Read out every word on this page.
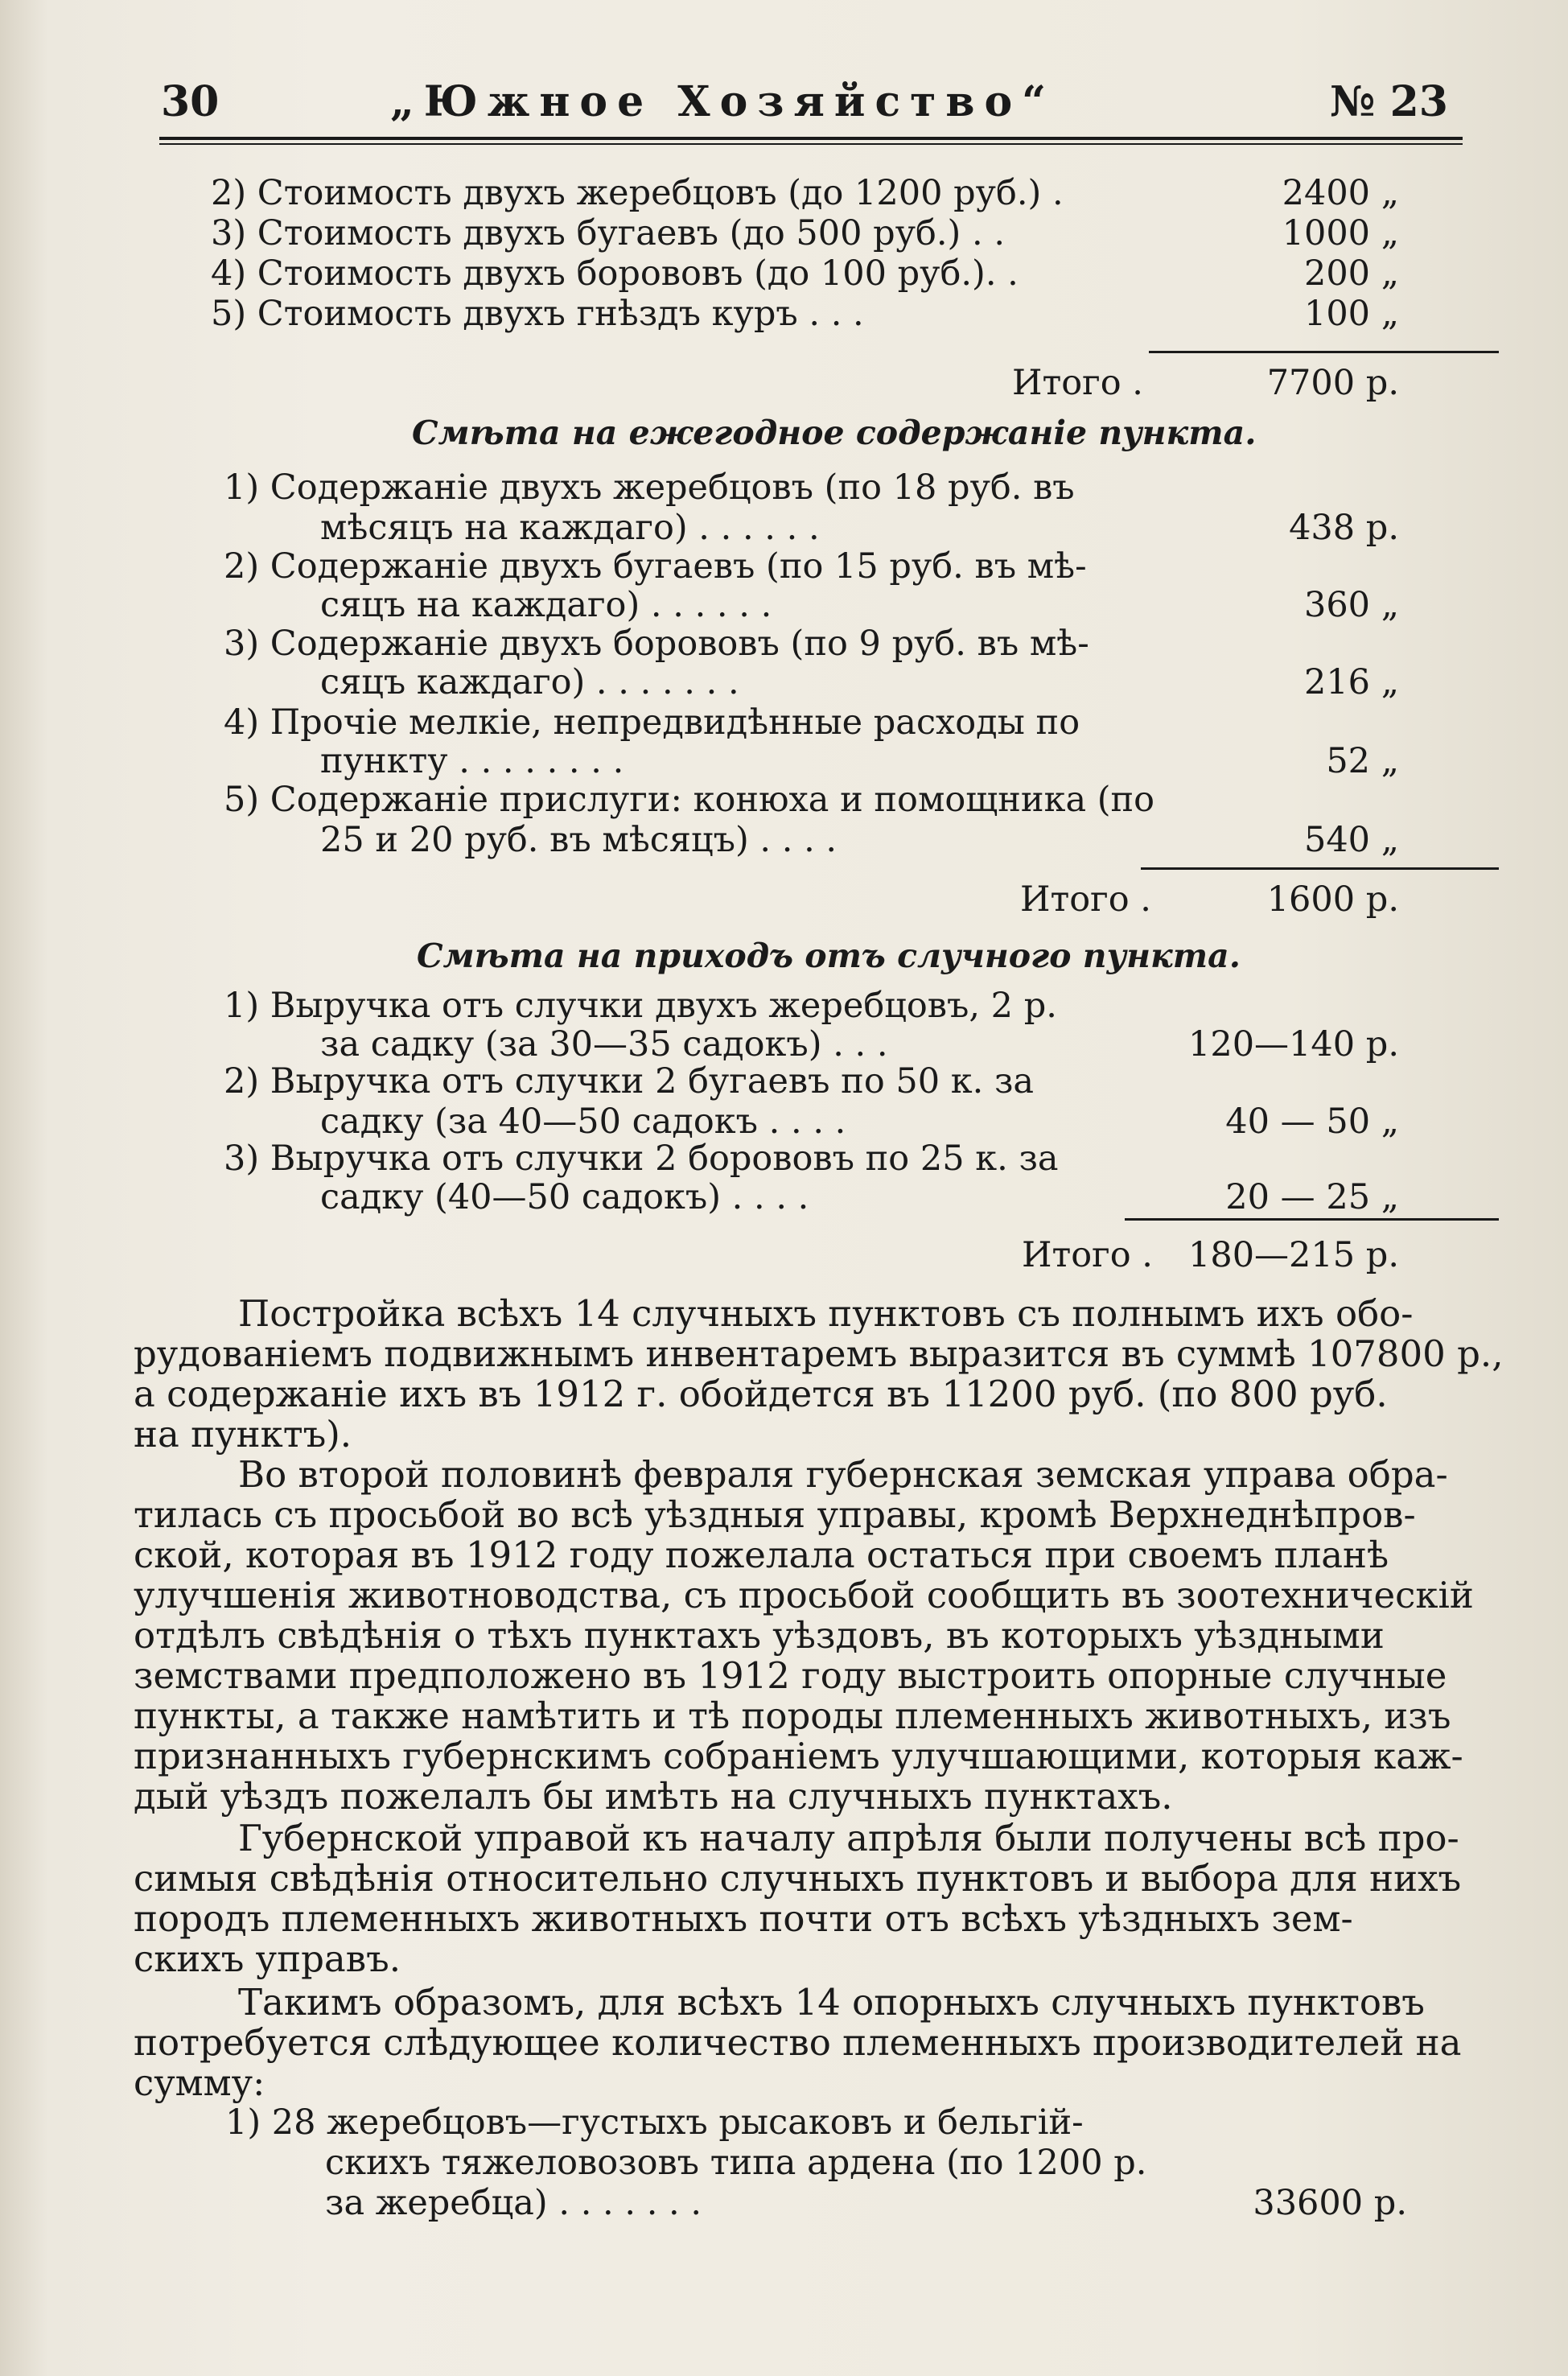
30	„Южное Хозяйство“	№ 23
2) Стоимость двухъ жеребцовъ (до 1200 руб.) .	2400 „
3) Стоимость двухъ бугаевъ (до 500 руб.) . .	1000 „
4) Стоимость двухъ борововъ (до 100 руб.). .	200 „
5) Стоимость двухъ гнѣздъ куръ . . .	100 „
Итого .	7700 р.
Смѣта на ежегодное содержаніе пункта.
1) Содержаніе двухъ жеребцовъ (по 18 руб. въ
мѣсяцъ на каждаго) . . . . . .	438 р.
2) Содержаніе двухъ бугаевъ (по 15 руб. въ мѣ-
сяцъ на каждаго) . . . . . .	360 „
3) Содержаніе двухъ борововъ (по 9 руб. въ мѣ-
сяцъ каждаго) . . . . . . .	216 „
4) Прочіе мелкіе, непредвидѣнные расходы по
пункту . . . . . . . .	52 „
5) Содержаніе прислуги: конюха и помощника (по
25 и 20 руб. въ мѣсяцъ) . . . .	540 „
Итого .	1600 р.
Смѣта на приходъ отъ случного пункта.
1) Выручка отъ случки двухъ жеребцовъ, 2 р.
за садку (за 30—35 садокъ) . . .	120—140 р.
2) Выручка отъ случки 2 бугаевъ по 50 к. за
садку (за 40—50 садокъ . . . .	40 — 50 „
3) Выручка отъ случки 2 борововъ по 25 к. за
садку (40—50 садокъ) . . . .	20 — 25 „
Итого . 180—215 р.
Постройка всѣхъ 14 случныхъ пунктовъ съ полнымъ ихъ обо-
рудованіемъ подвижнымъ инвентаремъ выразится въ суммѣ 107800 р.,
а содержаніе ихъ въ 1912 г. обойдется въ 11200 руб. (по 800 руб.
на пунктъ).
Во второй половинѣ февраля губернская земская управа обра-
тилась съ просьбой во всѣ уѣздныя управы, кромѣ Верхнеднѣпров-
ской, которая въ 1912 году пожелала остаться при своемъ планѣ
улучшенія животноводства, съ просьбой сообщить въ зоотехническій
отдѣлъ свѣдѣнія о тѣхъ пунктахъ уѣздовъ, въ которыхъ уѣздными
земствами предположено въ 1912 году выстроить опорные случные
пункты, а также намѣтить и тѣ породы племенныхъ животныхъ, изъ
признанныхъ губернскимъ собраніемъ улучшающими, которыя каж-
дый уѣздъ пожелалъ бы имѣть на случныхъ пунктахъ.
Губернской управой къ началу апрѣля были получены всѣ про-
симыя свѣдѣнія относительно случныхъ пунктовъ и выбора для нихъ
породъ племенныхъ животныхъ почти отъ всѣхъ уѣздныхъ зем-
скихъ управъ.
Такимъ образомъ, для всѣхъ 14 опорныхъ случныхъ пунктовъ
потребуется слѣдующее количество племенныхъ производителей на
сумму:
1) 28 жеребцовъ—густыхъ рысаковъ и бельгій-
скихъ тяжеловозовъ типа ардена (по 1200 р.
за жеребца) . . . . . . .	33600 р.
